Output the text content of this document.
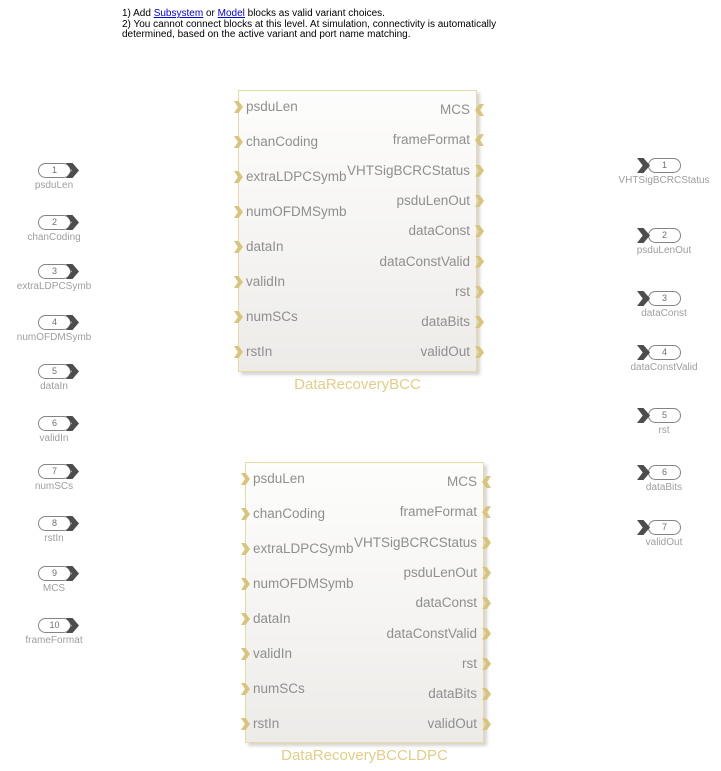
1) Add Subsystem or Model blocks as valid variant choices.
2) You cannot connect blocks at this level. At simulation, connectivity is automatically
determined, based on the active variant and port name matching.
1
psduLen
2
chanCoding
3
extraLDPCSymb
4
numOFDMSymb
5
dataIn
6
validIn
7
numSCs
8
rstIn
9
MCS
10
frameFormat
1
VHTSigBCRCStatus
2
psduLenOut
3
dataConst
4
dataConstValid
5
rst
6
dataBits
7
validOut
psduLen
chanCoding
extraLDPCSymb
numOFDMSymb
dataIn
validIn
numSCs
rstIn
MCS
frameFormat
VHTSigBCRCStatus
psduLenOut
dataConst
dataConstValid
rst
dataBits
validOut
DataRecoveryBCC
psduLen
chanCoding
extraLDPCSymb
numOFDMSymb
dataIn
validIn
numSCs
rstIn
MCS
frameFormat
VHTSigBCRCStatus
psduLenOut
dataConst
dataConstValid
rst
dataBits
validOut
DataRecoveryBCCLDPC
